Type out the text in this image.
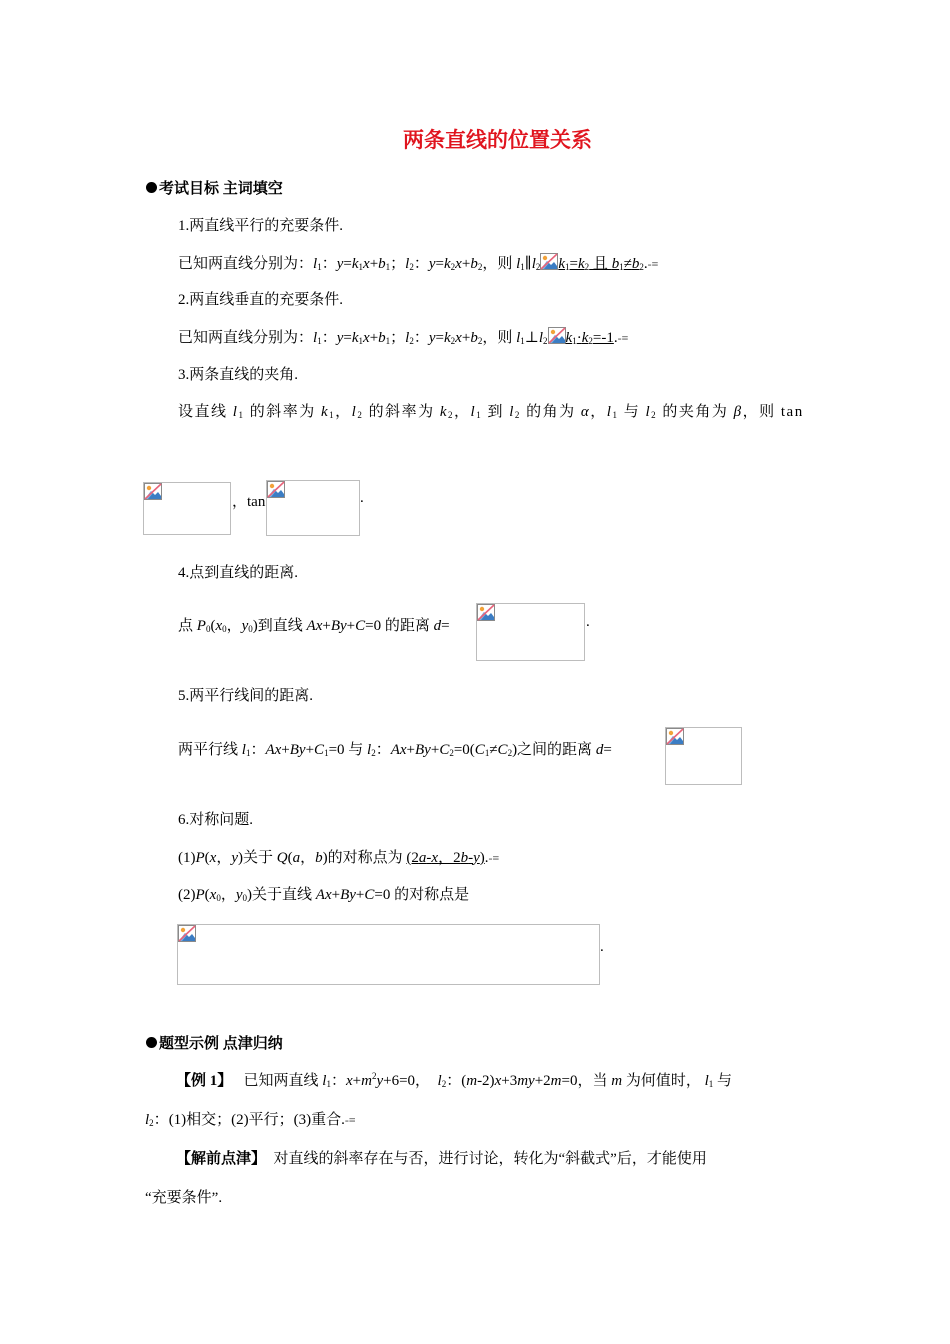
两条直线的位置关系
考试目标 主词填空
1.两直线平行的充要条件.
已知两直线分别为：$l_1$：$y=k_1x+b_1$；$l_2$：$y=k_2x+b_2$，则 $l_1\parallel l_2$ $k_1=k_2$ 且 $b_1\ne b_2.-\equiv$
2.两直线垂直的充要条件.
已知两直线分别为：$l_1$：$y=k_1x+b_1$；$l_2$：$y=k_2x+b_2$，则 $l_1\perp l_2$ $k_1\cdot k_2=-1.-\equiv$
3.两条直线的夹角.
设直线 $l_1$ 的斜率为 $k_1$，$l_2$ 的斜率为 $k_2$，$l_1$ 到 $l_2$ 的角为 α，$l_1$ 与 $l_2$ 的夹角为 β，则 tan
，tan	.
4.点到直线的距离.
点 $P_0(x_0$，$y_0$)到直线 Ax+By+C=0 的距离 d=	.
5.两平行线间的距离.
两平行线 $l_1$：$Ax+By+C_1=0$ 与 $l_2$：$Ax+By+C_2=0(C_1\ne C_2)$之间的距离 d=
6.对称问题.
(1)P(x，y)关于 Q(a，b)的对称点为 (2a-x，2b-y).-≡
$(2)P(x_0$，$y_0$)关于直线 Ax+By+C=0 的对称点是
.
题型示例 点津归纳
【例 1】   已知两直线 $l_1$：$x+m^2y+6=0$，  $l_2$：(m-2)x+3my+2m=0，当 m 为何值时， $l_1$ 与
$l_2$：(1)相交；(2)平行；(3)重合.-≡
【解前点津】 对直线的斜率存在与否，进行讨论，转化为“斜截式”后，才能使用
“充要条件”.
